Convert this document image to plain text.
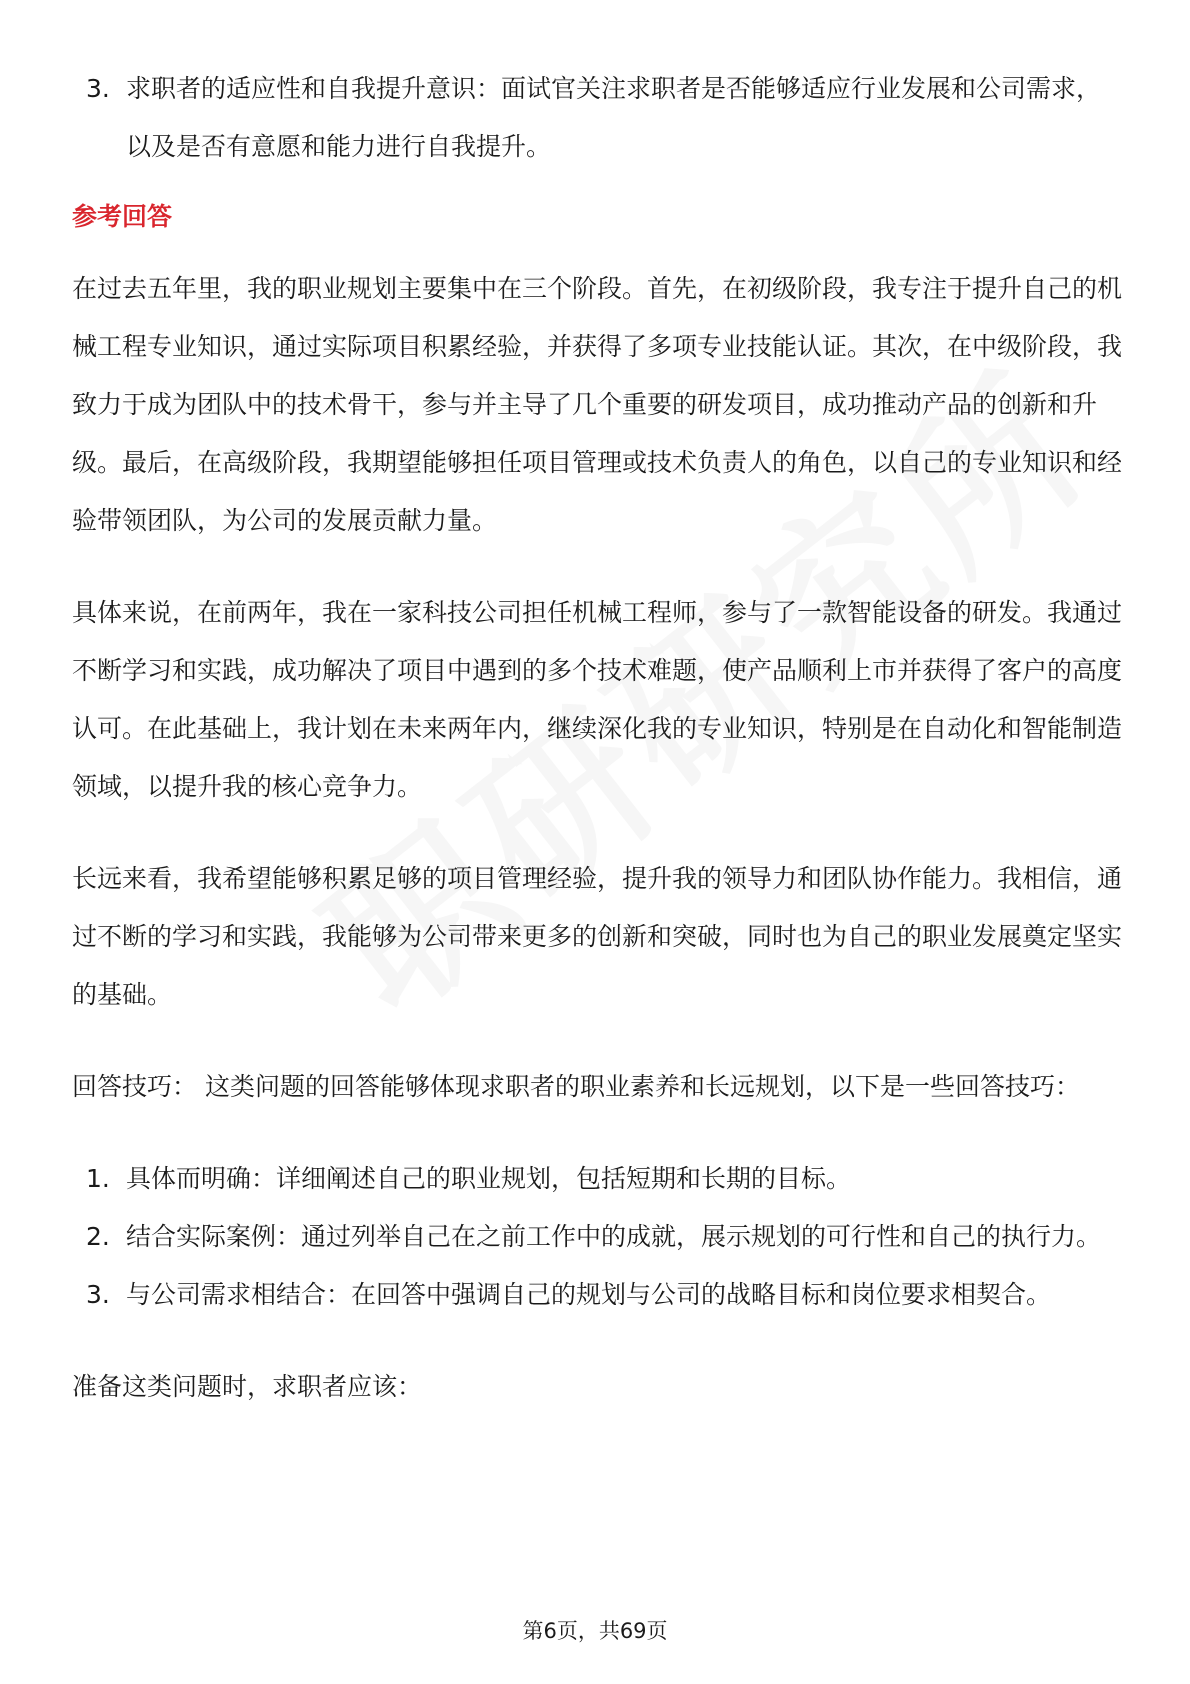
3. 求职者的适应性和自我提升意识：面试官关注求职者是否能够适应行业发展和公司需求，以及是否有意愿和能力进行自我提升。
参考回答

在过去五年里，我的职业规划主要集中在三个阶段。首先，在初级阶段，我专注于提升自己的机械工程专业知识，通过实际项目积累经验，并获得了多项专业技能认证。其次，在中级阶段，我致力于成为团队中的技术骨干，参与并主导了几个重要的研发项目，成功推动产品的创新和升级。最后，在高级阶段，我期望能够担任项目管理或技术负责人的角色，以自己的专业知识和经验带领团队，为公司的发展贡献力量。

具体来说，在前两年，我在一家科技公司担任机械工程师，参与了一款智能设备的研发。我通过不断学习和实践，成功解决了项目中遇到的多个技术难题，使产品顺利上市并获得了客户的高度认可。在此基础上，我计划在未来两年内，继续深化我的专业知识，特别是在自动化和智能制造领域，以提升我的核心竞争力。

长远来看，我希望能够积累足够的项目管理经验，提升我的领导力和团队协作能力。我相信，通过不断的学习和实践，我能够为公司带来更多的创新和突破，同时也为自己的职业发展奠定坚实的基础。

回答技巧： 这类问题的回答能够体现求职者的职业素养和长远规划，以下是一些回答技巧：

1. 具体而明确：详细阐述自己的职业规划，包括短期和长期的目标。
2. 结合实际案例：通过列举自己在之前工作中的成就，展示规划的可行性和自己的执行力。
3. 与公司需求相结合：在回答中强调自己的规划与公司的战略目标和岗位要求相契合。

准备这类问题时，求职者应该：

第6页，共69页
